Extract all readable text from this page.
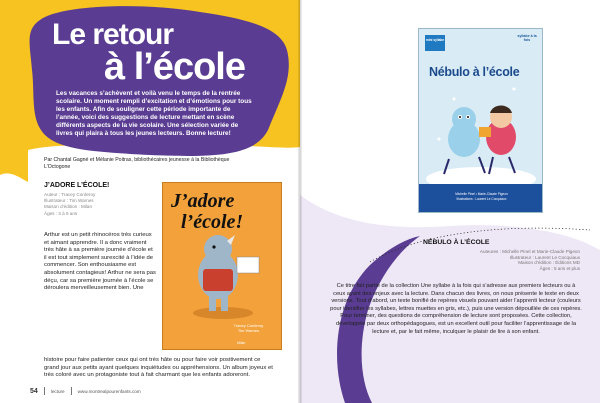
Le retour
à l’école

Les vacances s’achèvent et voilà venu le temps de la rentrée scolaire. Un moment rempli d’excitation et d’émotions pour tous les enfants. Afin de souligner cette période importante de l’année, voici des suggestions de lecture mettant en scène différents aspects de la vie scolaire. Une sélection variée de livres qui plaira à tous les jeunes lecteurs. Bonne lecture!

Par Chantal Gagné et Mélanie Poitras, bibliothécaires jeunesse à la Bibliothèque L’Octogone

J’ADORE L’ÉCOLE!

Auteur : Tracey Corderoy
Illustrateur : Tim Warnes
Maison d’édition : Milan
Âges : 3 à 5 ans

Arthur est un petit rhinocéros très curieux et aimant apprendre. Il a donc vraiment très hâte à sa première journée d’école et il est tout simplement surexcité à l’idée de commencer. Son enthousiasme est absolument contagieux! Arthur ne sera pas déçu, car sa première journée à l’école se déroulera merveilleusement bien. Une

histoire pour faire patienter ceux qui ont très hâte ou pour faire voir positivement ce grand jour aux petits ayant quelques inquiétudes ou appréhensions. Un album joyeux et très coloré avec un protagoniste tout à fait charmant que les enfants adoreront.

J’adore
l’école!
Tracey Corderoy
Tim Warnes
Milan
54	lecture	www.montrealpourenfants.com
mini syllabe
syllabe à la fois
Nébulo à l’école
Michelle Pinel • Marie-Claude Pigeon
Illustrations : Laurent Le Cocquiaux
NÉBULO À L’ÉCOLE

Auteures : Michelle Pinel et Marie-Claude Pigeon
Illustrateur : Laurent Le Cocquiaux
Maison d’édition : Éditions MD
Âges : 5 ans et plus

Ce titre fait partie de la collection Une syllabe à la fois qui s’adresse aux premiers lecteurs ou à ceux ayant des enjeux avec la lecture. Dans chacun des livres, on nous présente le texte en deux versions. Tout d’abord, un texte bonifié de repères visuels pouvant aider l’apprenti lecteur (couleurs pour identifier les syllabes, lettres muettes en gris, etc.), puis une version dépouillée de ces repères. Pour terminer, des questions de compréhension de lecture sont proposées. Cette collection, développée par deux orthopédagogues, est un excellent outil pour faciliter l’apprentissage de la lecture et, par le fait même, inculquer le plaisir de lire à son enfant.
